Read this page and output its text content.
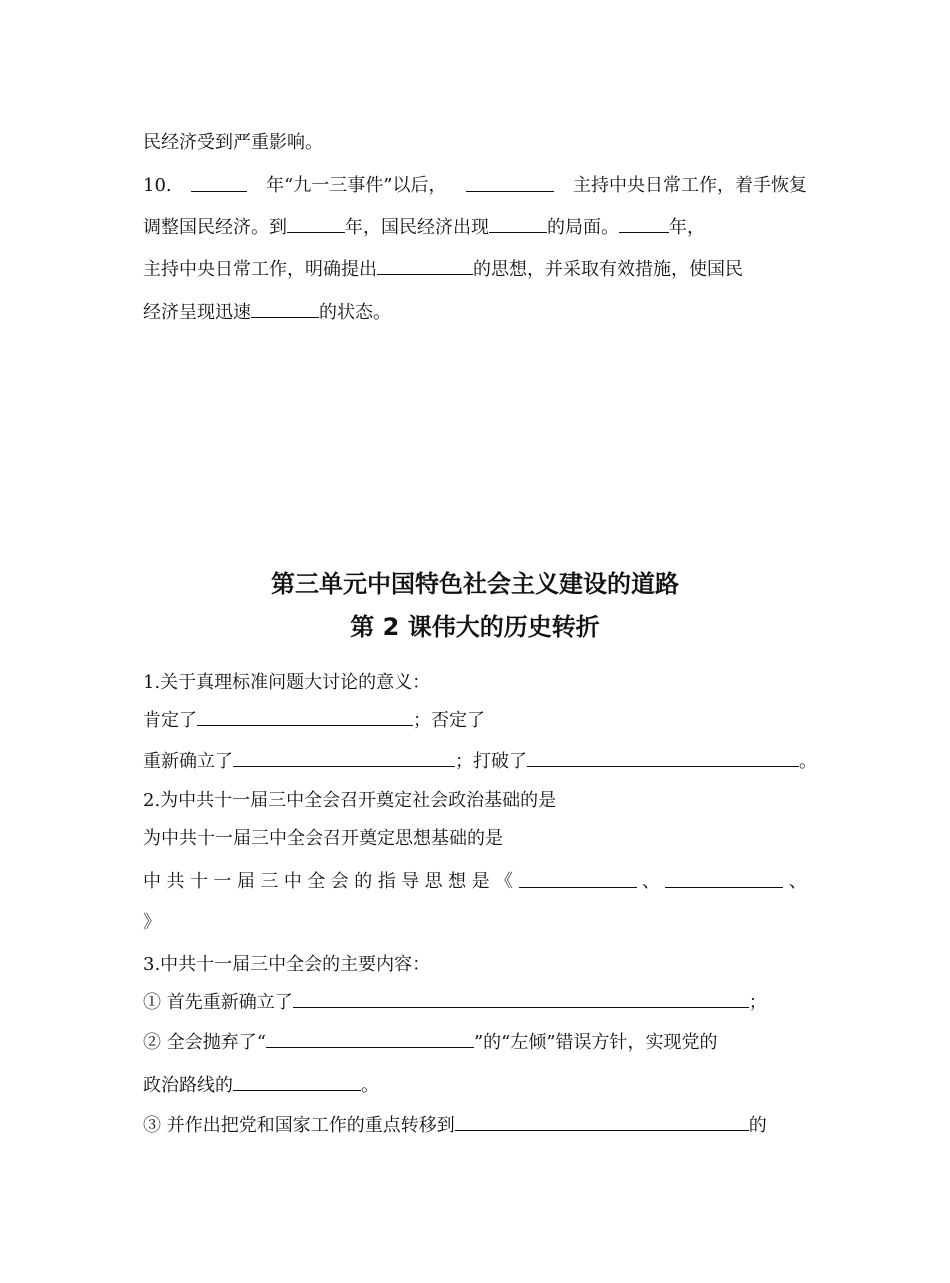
民经济受到严重影响。
10.	年“九一三事件”以后，	主持中央日常工作，着手恢复
调整国民经济。到	年，国民经济出现	的局面。	年，
主持中央日常工作，明确提出	的思想，并采取有效措施，使国民
经济呈现迅速	的状态。
第三单元中国特色社会主义建设的道路
第 2 课伟大的历史转折
1.关于真理标准问题大讨论的意义：
肯定了	；否定了
重新确立了	；打破了	。
2.为中共十一届三中全会召开奠定社会政治基础的是
为中共十一届三中全会召开奠定思想基础的是
中 共 十 一 届 三 中 全 会 的 指 导 思 想 是 《	、	、
》
3.中共十一届三中全会的主要内容：
① 首先重新确立了	；
② 全会抛弃了“	”的“左倾”错误方针，实现党的
政治路线的	。
③ 并作出把党和国家工作的重点转移到	的
